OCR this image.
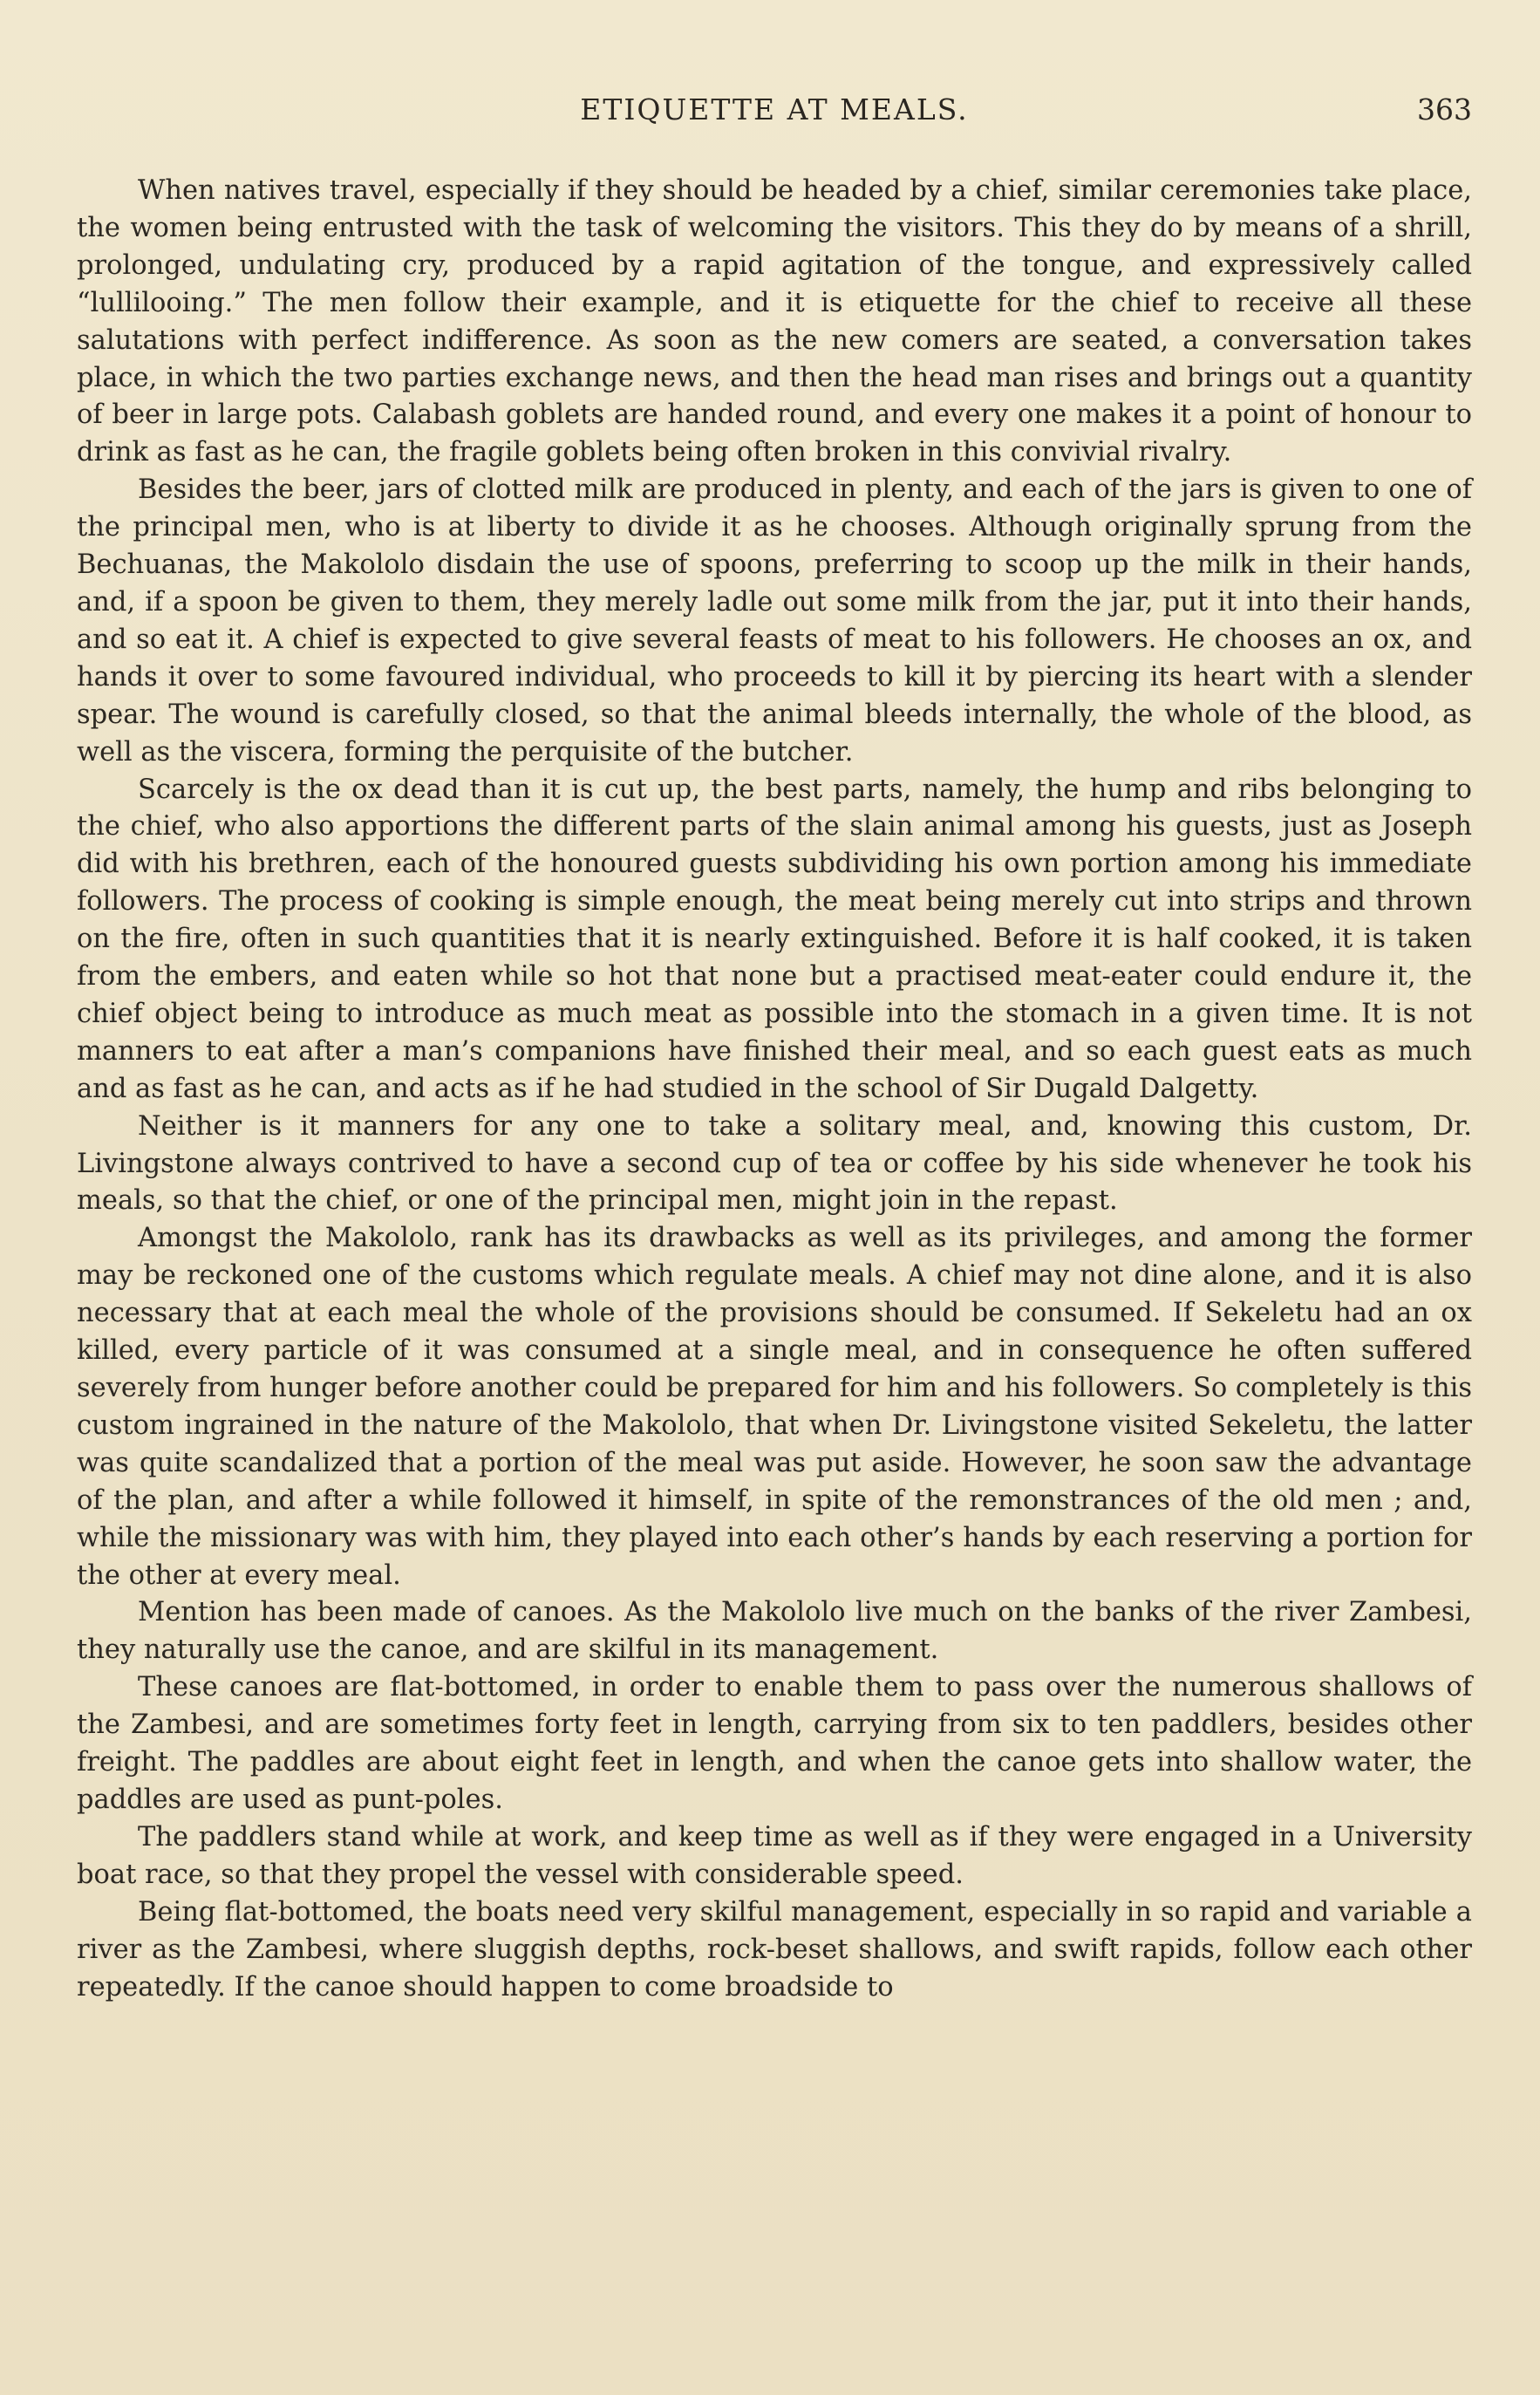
ETIQUETTE AT MEALS.	363

When natives travel, especially if they should be headed by a chief, similar ceremonies take place, the women being entrusted with the task of welcoming the visitors. This they do by means of a shrill, prolonged, undulating cry, produced by a rapid agitation of the tongue, and expressively called “lullilooing.” The men follow their example, and it is etiquette for the chief to receive all these salutations with perfect indifference. As soon as the new comers are seated, a conversation takes place, in which the two parties exchange news, and then the head man rises and brings out a quantity of beer in large pots. Calabash goblets are handed round, and every one makes it a point of honour to drink as fast as he can, the fragile goblets being often broken in this convivial rivalry.

Besides the beer, jars of clotted milk are produced in plenty, and each of the jars is given to one of the principal men, who is at liberty to divide it as he chooses. Although originally sprung from the Bechuanas, the Makololo disdain the use of spoons, preferring to scoop up the milk in their hands, and, if a spoon be given to them, they merely ladle out some milk from the jar, put it into their hands, and so eat it. A chief is expected to give several feasts of meat to his followers. He chooses an ox, and hands it over to some favoured individual, who proceeds to kill it by piercing its heart with a slender spear. The wound is carefully closed, so that the animal bleeds internally, the whole of the blood, as well as the viscera, forming the perquisite of the butcher.

Scarcely is the ox dead than it is cut up, the best parts, namely, the hump and ribs belonging to the chief, who also apportions the different parts of the slain animal among his guests, just as Joseph did with his brethren, each of the honoured guests subdividing his own portion among his immediate followers. The process of cooking is simple enough, the meat being merely cut into strips and thrown on the fire, often in such quantities that it is nearly extinguished. Before it is half cooked, it is taken from the embers, and eaten while so hot that none but a practised meat-eater could endure it, the chief object being to introduce as much meat as possible into the stomach in a given time. It is not manners to eat after a man’s companions have finished their meal, and so each guest eats as much and as fast as he can, and acts as if he had studied in the school of Sir Dugald Dalgetty.

Neither is it manners for any one to take a solitary meal, and, knowing this custom, Dr. Livingstone always contrived to have a second cup of tea or coffee by his side whenever he took his meals, so that the chief, or one of the principal men, might join in the repast.

Amongst the Makololo, rank has its drawbacks as well as its privileges, and among the former may be reckoned one of the customs which regulate meals. A chief may not dine alone, and it is also necessary that at each meal the whole of the provisions should be consumed. If Sekeletu had an ox killed, every particle of it was consumed at a single meal, and in consequence he often suffered severely from hunger before another could be prepared for him and his followers. So completely is this custom ingrained in the nature of the Makololo, that when Dr. Livingstone visited Sekeletu, the latter was quite scandalized that a portion of the meal was put aside. However, he soon saw the advantage of the plan, and after a while followed it himself, in spite of the remonstrances of the old men ; and, while the missionary was with him, they played into each other’s hands by each reserving a portion for the other at every meal.

Mention has been made of canoes. As the Makololo live much on the banks of the river Zambesi, they naturally use the canoe, and are skilful in its management.

These canoes are flat-bottomed, in order to enable them to pass over the numerous shallows of the Zambesi, and are sometimes forty feet in length, carrying from six to ten paddlers, besides other freight. The paddles are about eight feet in length, and when the canoe gets into shallow water, the paddles are used as punt-poles.

The paddlers stand while at work, and keep time as well as if they were engaged in a University boat race, so that they propel the vessel with considerable speed.

Being flat-bottomed, the boats need very skilful management, especially in so rapid and variable a river as the Zambesi, where sluggish depths, rock-beset shallows, and swift rapids, follow each other repeatedly. If the canoe should happen to come broadside to
